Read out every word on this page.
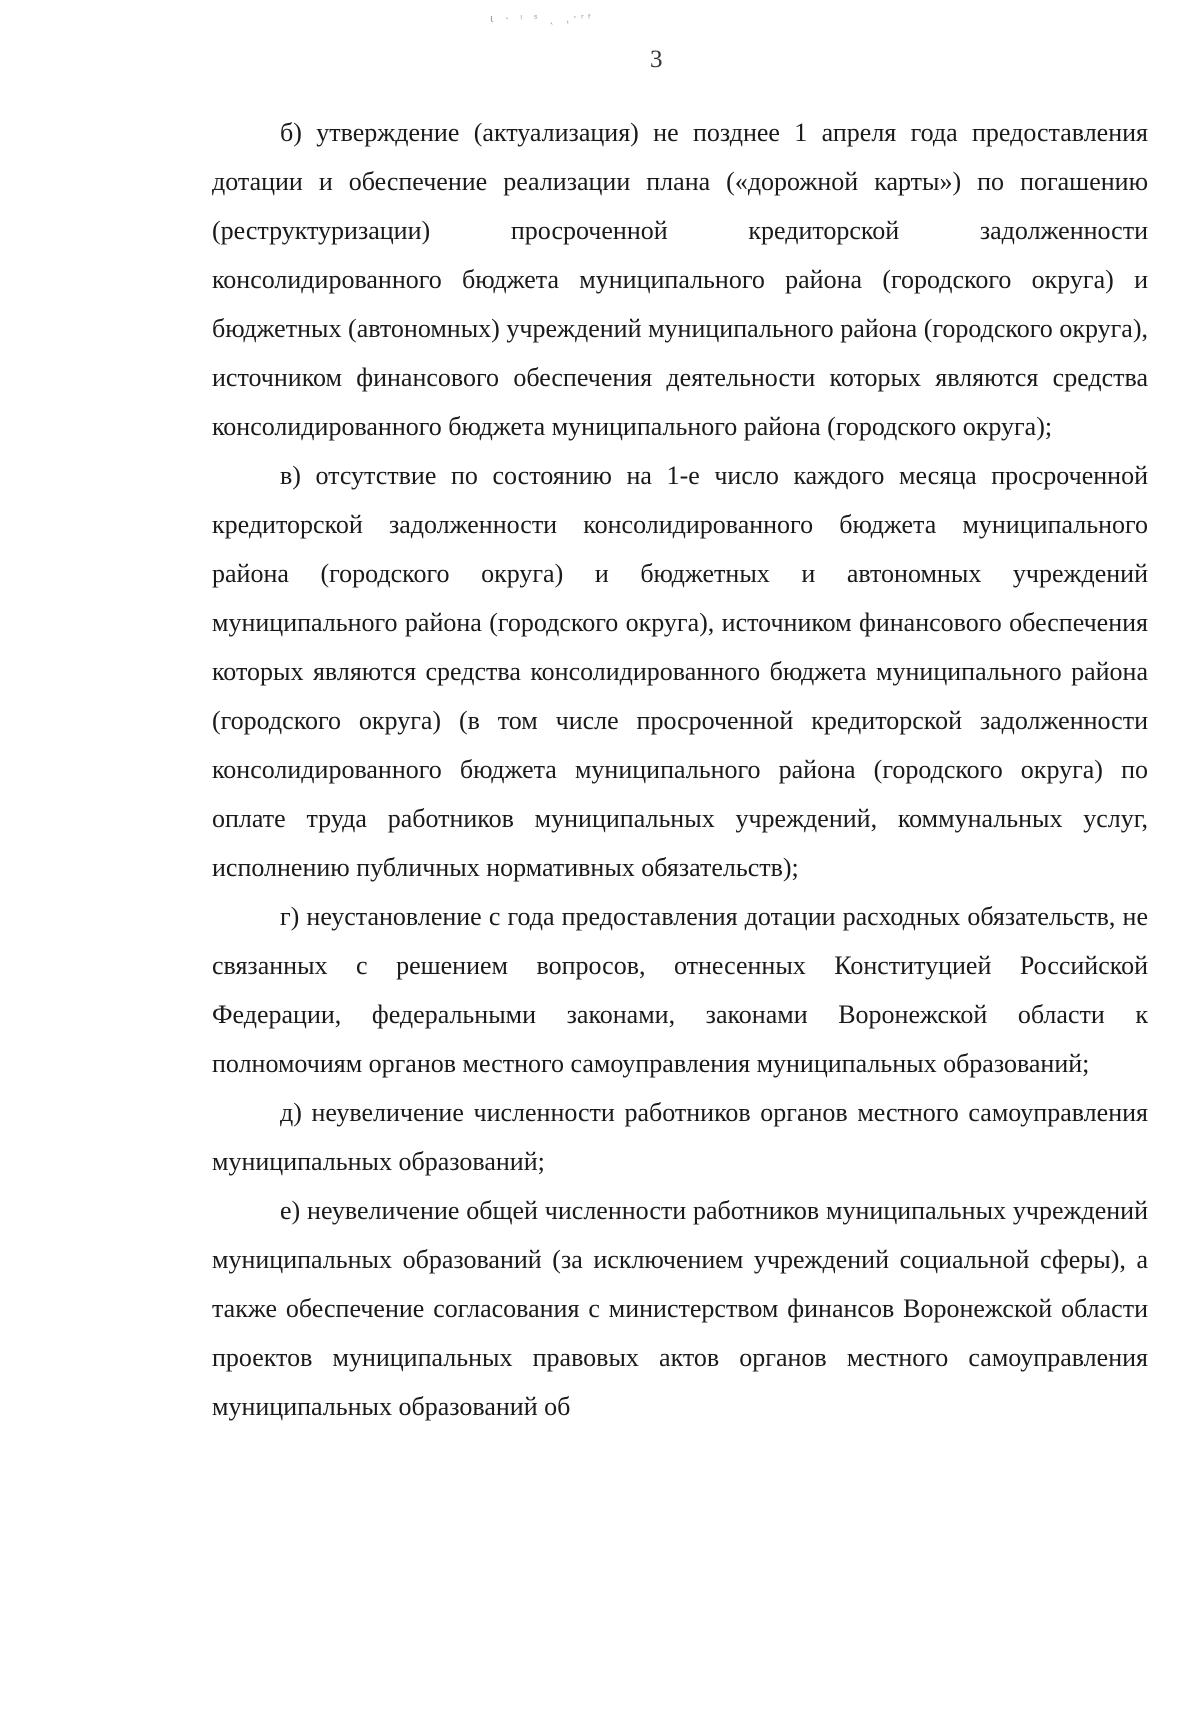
ι · ᵎ ˢ ˎ ˌˑʳᶠ
3

б) утверждение (актуализация) не позднее 1 апреля года предоставления дотации и обеспечение реализации плана («дорожной карты») по погашению (реструктуризации) просроченной кредиторской задолженности консолидированного бюджета муниципального района (городского округа) и бюджетных (автономных) учреждений муниципального района (городского округа), источником финансового обеспечения деятельности которых являются средства консолидированного бюджета муниципального района (городского округа);

в) отсутствие по состоянию на 1-е число каждого месяца просроченной кредиторской задолженности консолидированного бюджета муниципального района (городского округа) и бюджетных и автономных учреждений муниципального района (городского округа), источником финансового обеспечения которых являются средства консолидированного бюджета муниципального района (городского округа) (в том числе просроченной кредиторской задолженности консолидированного бюджета муниципального района (городского округа) по оплате труда работников муниципальных учреждений, коммунальных услуг, исполнению публичных нормативных обязательств);

г) неустановление с года предоставления дотации расходных обязательств, не связанных с решением вопросов, отнесенных Конституцией Российской Федерации, федеральными законами, законами Воронежской области к полномочиям органов местного самоуправления муниципальных образований;

д) неувеличение численности работников органов местного самоуправления муниципальных образований;

е) неувеличение общей численности работников муниципальных учреждений муниципальных образований (за исключением учреждений социальной сферы), а также обеспечение согласования с министерством финансов Воронежской области проектов муниципальных правовых актов органов местного самоуправления муниципальных образований об
